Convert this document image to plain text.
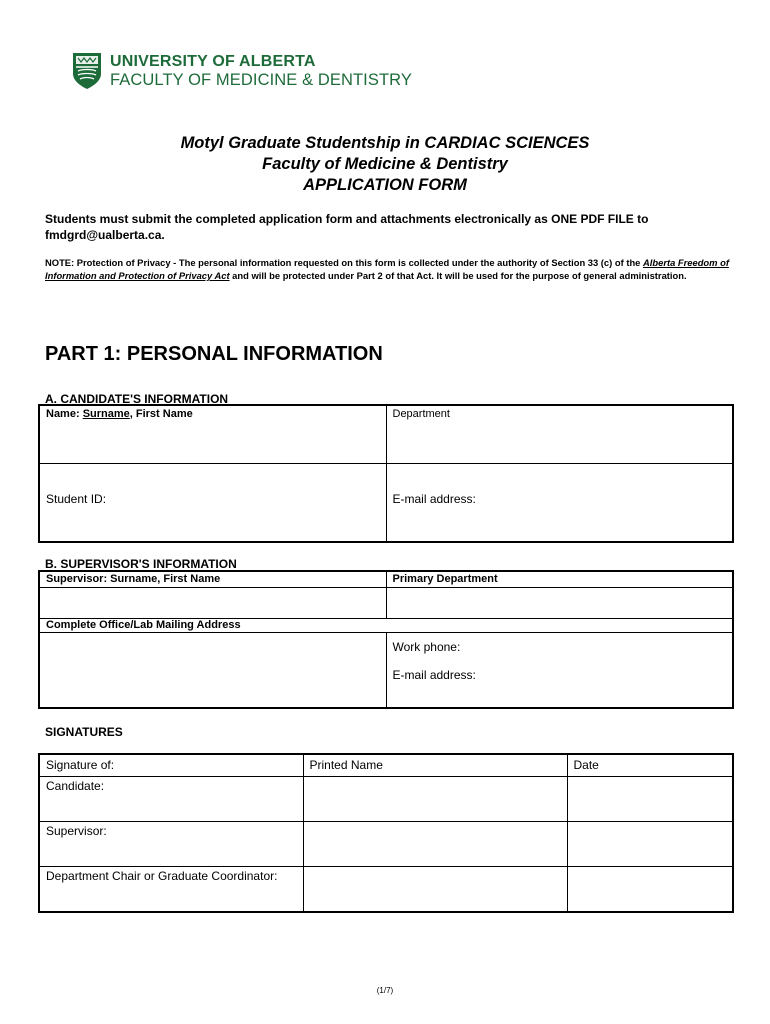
UNIVERSITY OF ALBERTA
FACULTY OF MEDICINE & DENTISTRY
Motyl Graduate Studentship in CARDIAC SCIENCES
Faculty of Medicine & Dentistry
APPLICATION FORM
Students must submit the completed application form and attachments electronically as ONE PDF FILE to fmdgrd@ualberta.ca.
NOTE: Protection of Privacy - The personal information requested on this form is collected under the authority of Section 33 (c) of the Alberta Freedom of Information and Protection of Privacy Act and will be protected under Part 2 of that Act. It will be used for the purpose of general administration.
PART 1: PERSONAL INFORMATION
A. CANDIDATE'S INFORMATION
Name: Surname, First Name	Department
Student ID:	E-mail address:
B. SUPERVISOR'S INFORMATION
Supervisor: Surname, First Name	Primary Department

Complete Office/Lab Mailing Address	

	Work phone:
E-mail address:
SIGNATURES
Signature of:	Printed Name	Date
Candidate:		
Supervisor:		
Department Chair or Graduate Coordinator:		
(1/7)
